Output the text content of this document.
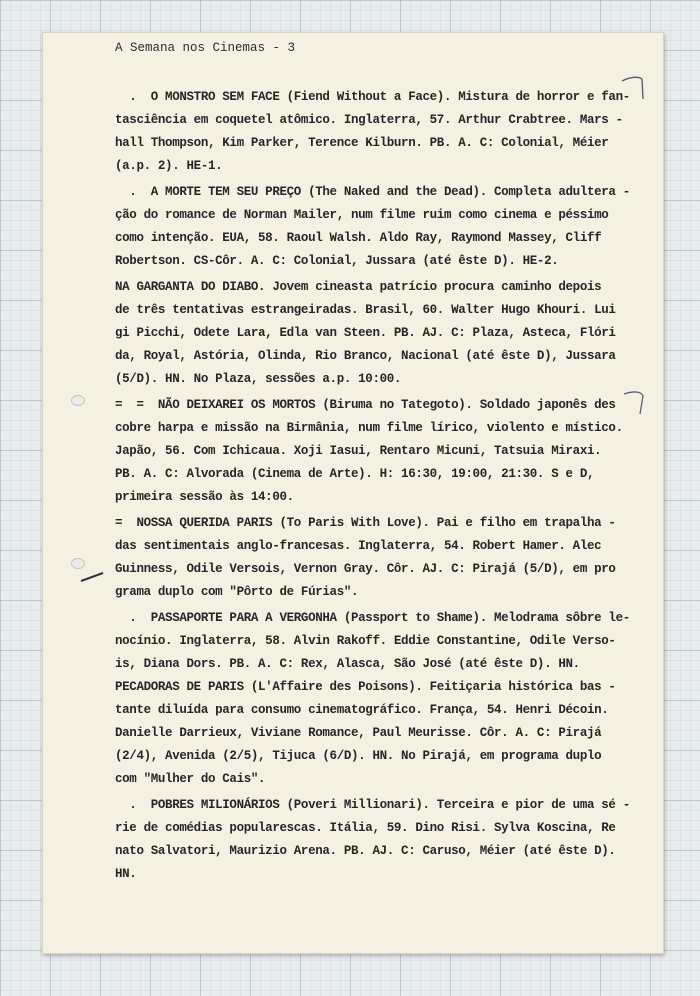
A Semana nos Cinemas - 3
.  O MONSTRO SEM FACE (Fiend Without a Face). Mistura de horror e fan-
tasciência em coquetel atômico. Inglaterra, 57. Arthur Crabtree. Mars -
hall Thompson, Kim Parker, Terence Kilburn. PB. A. C: Colonial, Méier
(a.p. 2). HE-1.
.  A MORTE TEM SEU PREÇO (The Naked and the Dead). Completa adultera -
ção do romance de Norman Mailer, num filme ruim como cinema e péssimo
como intenção. EUA, 58. Raoul Walsh. Aldo Ray, Raymond Massey, Cliff
Robertson. CS-Côr. A. C: Colonial, Jussara (até êste D). HE-2.
NA GARGANTA DO DIABO. Jovem cineasta patrício procura caminho depois
de três tentativas estrangeiradas. Brasil, 60. Walter Hugo Khouri. Lui
gi Picchi, Odete Lara, Edla van Steen. PB. AJ. C: Plaza, Asteca, Flóri
da, Royal, Astória, Olinda, Rio Branco, Nacional (até êste D), Jussara
(5/D). HN. No Plaza, sessões a.p. 10:00.
=  =  NÃO DEIXAREI OS MORTOS (Biruma no Tategoto). Soldado japonês des
cobre harpa e missão na Birmânia, num filme lírico, violento e místico.
Japão, 56. Com Ichicaua. Xoji Iasui, Rentaro Micuni, Tatsuia Miraxi.
PB. A. C: Alvorada (Cinema de Arte). H: 16:30, 19:00, 21:30. S e D,
primeira sessão às 14:00.
=  NOSSA QUERIDA PARIS (To Paris With Love). Pai e filho em trapalha -
das sentimentais anglo-francesas. Inglaterra, 54. Robert Hamer. Alec
Guinness, Odile Versois, Vernon Gray. Côr. AJ. C: Pirajá (5/D), em pro
grama duplo com "Pôrto de Fúrias".
.  PASSAPORTE PARA A VERGONHA (Passport to Shame). Melodrama sôbre le-
nocínio. Inglaterra, 58. Alvin Rakoff. Eddie Constantine, Odile Verso-
is, Diana Dors. PB. A. C: Rex, Alasca, São José (até êste D). HN.
PECADORAS DE PARIS (L'Affaire des Poisons). Feitiçaria histórica bas -
tante diluída para consumo cinematográfico. França, 54. Henri Décoin.
Danielle Darrieux, Viviane Romance, Paul Meurisse. Côr. A. C: Pirajá
(2/4), Avenida (2/5), Tijuca (6/D). HN. No Pirajá, em programa duplo
com "Mulher do Cais".
.  POBRES MILIONÁRIOS (Poveri Millionari). Terceira e pior de uma sé -
rie de comédias popularescas. Itália, 59. Dino Risi. Sylva Koscina, Re
nato Salvatori, Maurizio Arena. PB. AJ. C: Caruso, Méier (até êste D).
HN.
